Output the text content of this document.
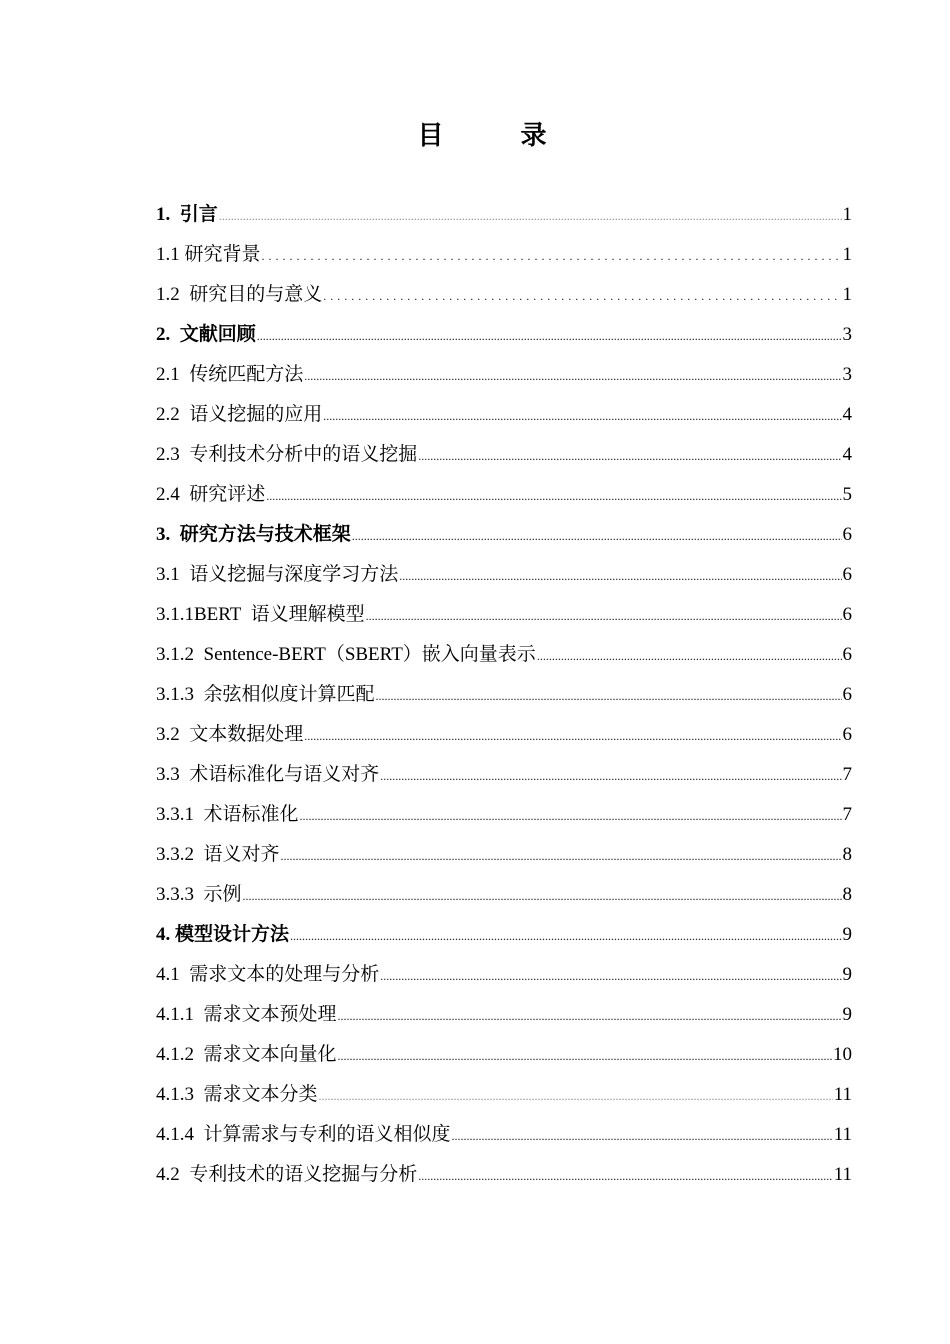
目 录
1.  引言 .....	1
1.1 研究背景 . . .	1
1.2  研究目的与意义 . . .	1
2.  文献回顾 .....	3
2.1  传统匹配方法 .....	3
2.2  语义挖掘的应用 .....	4
2.3  专利技术分析中的语义挖掘 .....	4
2.4  研究评述 .....	5
3.  研究方法与技术框架 .....	6
3.1  语义挖掘与深度学习方法 .....	6
3.1.1BERT  语义理解模型 .....	6
3.1.2  Sentence-BERT（SBERT）嵌入向量表示 .....	6
3.1.3  余弦相似度计算匹配 .....	6
3.2  文本数据处理 .....	6
3.3  术语标准化与语义对齐 .....	7
3.3.1  术语标准化 .....	7
3.3.2  语义对齐 .....	8
3.3.3  示例 .....	8
4. 模型设计方法 .....	9
4.1  需求文本的处理与分析 .....	9
4.1.1  需求文本预处理 .....	9
4.1.2  需求文本向量化 .....	10
4.1.3  需求文本分类 .....	11
4.1.4  计算需求与专利的语义相似度 .....	11
4.2  专利技术的语义挖掘与分析 .....	11
